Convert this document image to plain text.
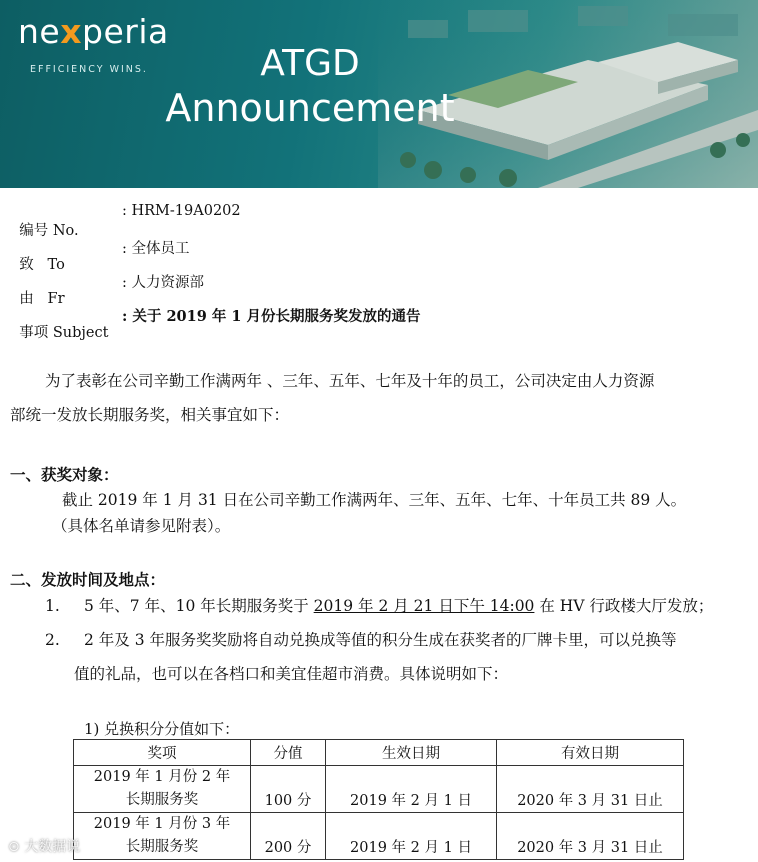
nexperia
EFFICIENCY WINS.	ATGD
Announcement

编号 No.

: HRM-19A0202

致   To

: 全体员工

由   Fr

: 人力资源部

事项 Subject

: 关于 2019 年 1 月份长期服务奖发放的通告

为了表彰在公司辛勤工作满两年 、三年、五年、七年及十年的员工，公司决定由人力资源
部统一发放长期服务奖，相关事宜如下：
一、获奖对象：
截止 2019 年 1 月 31 日在公司辛勤工作满两年、三年、五年、七年、十年员工共 89 人。
（具体名单请参见附表）。
二、发放时间及地点：
1. 5 年、7 年、10 年长期服务奖于 2019 年 2 月 21 日下午 14:00 在 HV 行政楼大厅发放；
2. 2 年及 3 年服务奖奖励将自动兑换成等值的积分生成在获奖者的厂牌卡里，可以兑换等
值的礼品，也可以在各档口和美宜佳超市消费。具体说明如下：
1) 兑换积分分值如下：
奖项	分值	生效日期	有效日期

2019 年 1 月份 2 年
长期服务奖	100 分	2019 年 2 月 1 日	2020 年 3 月 31 日止

2019 年 1 月份 3 年
长期服务奖	200 分	2019 年 2 月 1 日	2020 年 3 月 31 日止
⊙ 大数据说
